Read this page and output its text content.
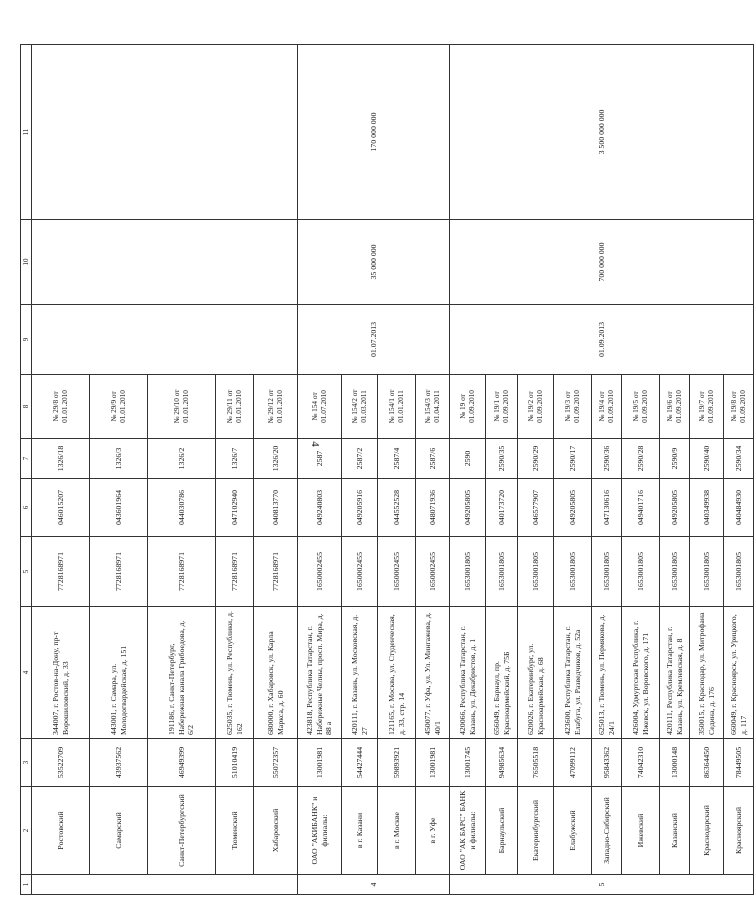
4
1	2	3	4	5	6	7	8	9	10	11
	Ростовский	53522709	344007, г. Ростов-на-Дону, пр-т Ворошиловский, д. 33	7728168971	046015207	1326/18	№ 29/8 от 01.01.2010			
	Самарский	43937562	443001, г. Самара, ул. Молодогвардейская, д. 151	7728168971	043601964	1326/3	№ 29/9 от 01.01.2010			
	Санкт-Петербургский	46949399	191186, г. Санкт-Петербург, Набережная канала Грибоедова, д. 6/2	7728168971	044030786	1326/2	№ 29/10 от 01.01.2010			
	Тюменский	51010419	625035, г. Тюмень, ул. Республики, д. 162	7728168971	047102940	1326/7	№ 29/11 от 01.01.2010			
	Хабаровский	55072357	680000, г. Хабаровск, ул. Карла Маркса, д. 60	7728168971	040813770	1326/20	№ 29/12 от 01.01.2010			
4	ОАО "АКИБАНК" и филиалы:	13001981	423818, Республика Татарстан, г. Набережные Челны, просп. Мира, д. 88 а	1650002455	049240803	2587	№ 154 от 01.07.2010	01.07.2013	35 000 000	170 000 000
	в г. Казани	54427444	420111, г. Казань, ул. Московская, д. 27	1650002455	049205916	2587/2	№ 154/2 от 01.03.2011			
	в г. Москве	59893921	121165, г. Москва, ул. Студенческая, д. 33, стр. 14	1650002455	044552528	2587/4	№ 154/1 от 01.01.2011			
	в г. Уфе	13001981	450077, г. Уфа, ул. Ул. Мингажева, д. 40/1	1650002455	048071936	2587/6	№ 154/3 от 01.04.2011			
5	ОАО "АК БАРС" БАНК и филиалы:	13001745	420066, Республика Татарстан, г. Казань, ул. Декабристов, д. 1	1653001805	049205805	2590	№ 19 от 01.09.2010	01.09.2013	700 000 000	3 500 000 000
	Барнаульский	94985634	656049, г. Барнаул, пр. Красноармейский, д. 75Б	1653001805	040173720	2590/35	№ 19/1 от 01.09.2010			
	Екатеринбургский	76505518	620026, г. Екатеринбург, ул. Красноармейская, д. 68	1653001805	046577907	2590/29	№ 19/2 от 01.09.2010			
	Елабужский	47099112	423600, Республика Татарстан, г. Елабуга, ул. Разведчиков, д. 52а	1653001805	049205805	2590/17	№ 19/3 от 01.09.2010			
	Западно-Сибирский	95843362	625013, г. Тюмень, ул. Пермякова, д. 24/1	1653001805	047130616	2590/36	№ 19/4 от 01.09.2010			
	Ижевский	74042310	426004, Удмуртская Республика, г. Ижевск, ул. Воровского, д. 171	1653001805	049401716	2590/28	№ 19/5 от 01.09.2010			
	Казанский	13000148	420111, Республика Татарстан, г. Казань, ул. Кремлевская, д. 8	1653001805	049205805	2590/9	№ 19/6 от 01.09.2010			
	Краснодарский	86364450	350015, г. Краснодар, ул. Митрофана Седина, д. 176	1653001805	040349938	2590/40	№ 19/7 от 01.09.2010			
	Красноярский	78449505	660049, г. Красноярск, ул. Урицкого, д. 117	1653001805	040484930	2590/34	№ 19/8 от 01.09.2010			
